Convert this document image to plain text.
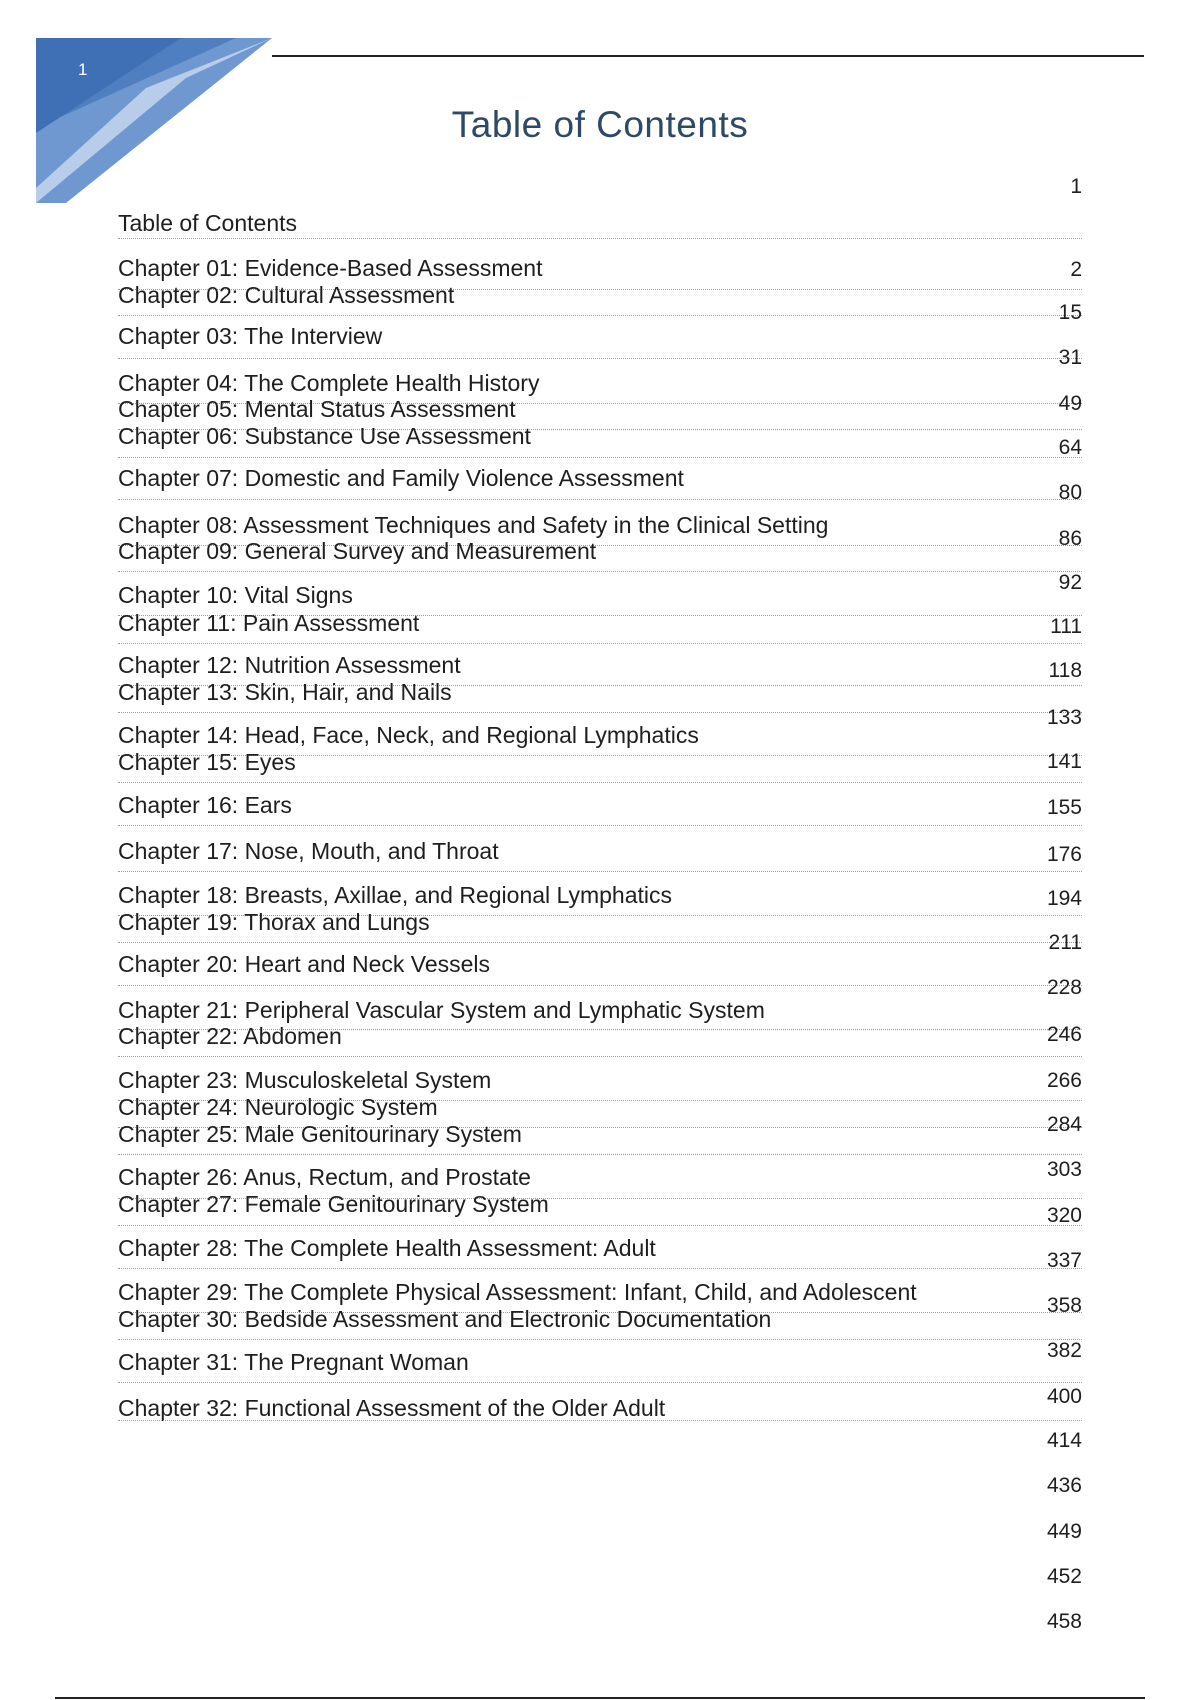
1
Table of Contents
1
Table of Contents
Chapter 01: Evidence-Based Assessment
Chapter 02: Cultural Assessment
Chapter 03: The Interview
Chapter 04: The Complete Health History
Chapter 05: Mental Status Assessment
Chapter 06: Substance Use Assessment
Chapter 07: Domestic and Family Violence Assessment
Chapter 08: Assessment Techniques and Safety in the Clinical Setting
Chapter 09: General Survey and Measurement
Chapter 10: Vital Signs
Chapter 11: Pain Assessment
Chapter 12: Nutrition Assessment
Chapter 13: Skin, Hair, and Nails
Chapter 14: Head, Face, Neck, and Regional Lymphatics
Chapter 15: Eyes
Chapter 16: Ears
Chapter 17: Nose, Mouth, and Throat
Chapter 18: Breasts, Axillae, and Regional Lymphatics
Chapter 19: Thorax and Lungs
Chapter 20: Heart and Neck Vessels
Chapter 21: Peripheral Vascular System and Lymphatic System
Chapter 22: Abdomen
Chapter 23: Musculoskeletal System
Chapter 24: Neurologic System
Chapter 25: Male Genitourinary System
Chapter 26: Anus, Rectum, and Prostate
Chapter 27: Female Genitourinary System
Chapter 28: The Complete Health Assessment: Adult
Chapter 29: The Complete Physical Assessment: Infant, Child, and Adolescent
Chapter 30: Bedside Assessment and Electronic Documentation
Chapter 31: The Pregnant Woman
Chapter 32: Functional Assessment of the Older Adult
2
15
31
49
64
80
86
92
111
118
133
141
155
176
194
211
228
246
266
284
303
320
337
358
382
400
414
436
449
452
458
